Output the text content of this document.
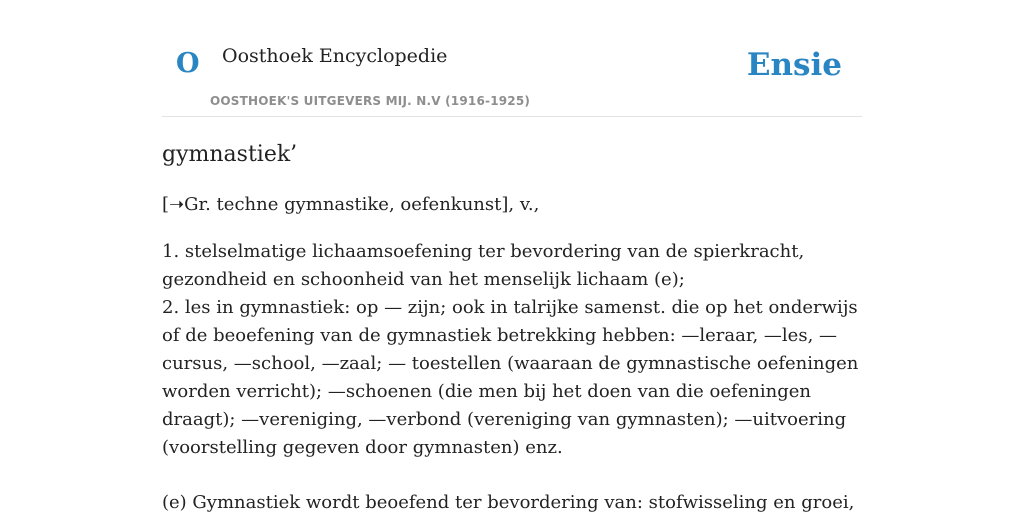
O Oosthoek Encyclopedie
OOSTHOEK'S UITGEVERS MIJ. N.V (1916-1925)
Ensie
gymnastiek’

[➝Gr. techne gymnastike, oefenkunst], v.,

1. stelselmatige lichaamsoefening ter bevordering van de spierkracht, gezondheid en schoonheid van het menselijk lichaam (e);
2. les in gymnastiek: op — zijn; ook in talrijke samenst. die op het onderwijs of de beoefening van de gymnastiek betrekking hebben: —leraar, —les, —cursus, —school, —zaal; — toestellen (waaraan de gymnastische oefeningen worden verricht); —schoenen (die men bij het doen van die oefeningen draagt); —vereniging, —verbond (vereniging van gymnasten); —uitvoering (voorstelling gegeven door gymnasten) enz.

(e) Gymnastiek wordt beoefend ter bevordering van: stofwisseling en groei,
